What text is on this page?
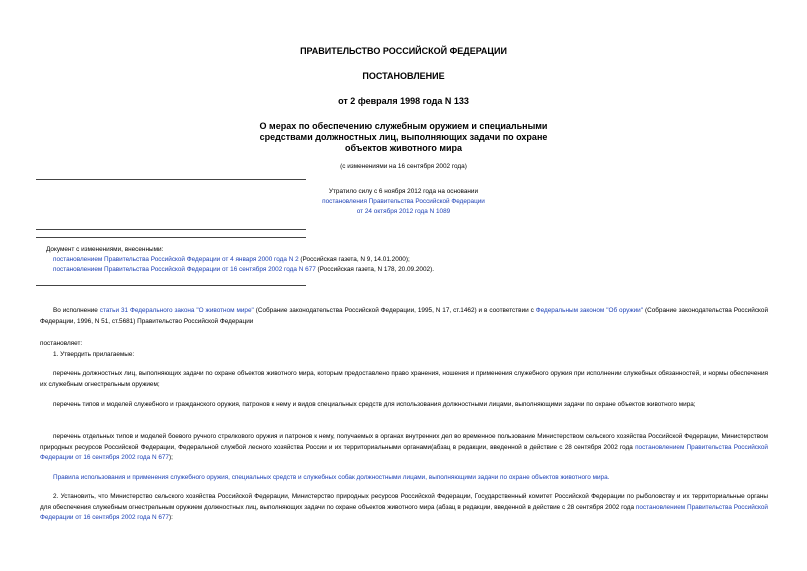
ПРАВИТЕЛЬСТВО РОССИЙСКОЙ ФЕДЕРАЦИИ
ПОСТАНОВЛЕНИЕ
от 2 февраля 1998 года N 133
О мерах по обеспечению служебным оружием и специальными
средствами должностных лиц, выполняющих задачи по охране
объектов животного мира
(с изменениями на 16 сентября 2002 года)
Утратило силу с 6 ноября 2012 года на основании
постановления Правительства Российской Федерации
от 24 октября 2012 года N 1089
Документ с изменениями, внесенными:
постановлением Правительства Российской Федерации от 4 января 2000 года N 2 (Российская газета, N 9, 14.01.2000);
постановлением Правительства Российской Федерации от 16 сентября 2002 года N 677 (Российская газета, N 178, 20.09.2002).
Во исполнение статьи 31 Федерального закона "О животном мире" (Собрание законодательства Российской Федерации, 1995, N 17, ст.1462) и в соответствии с Федеральным законом "Об оружии" (Собрание законодательства Российской Федерации, 1996, N 51, ст.5681) Правительство Российской Федерации
постановляет:
1. Утвердить прилагаемые:
перечень должностных лиц, выполняющих задачи по охране объектов животного мира, которым предоставлено право хранения, ношения и применения служебного оружия при исполнении служебных обязанностей, и нормы обеспечения их служебным огнестрельным оружием;
перечень типов и моделей служебного и гражданского оружия, патронов к нему и видов специальных средств для использования должностными лицами, выполняющими задачи по охране объектов животного мира;
перечень отдельных типов и моделей боевого ручного стрелкового оружия и патронов к нему, получаемых в органах внутренних дел во временное пользование Министерством сельского хозяйства Российской Федерации, Министерством природных ресурсов Российской Федерации, Федеральной службой лесного хозяйства России и их территориальными органами(абзац в редакции, введенной в действие с 28 сентября 2002 года постановлением Правительства Российской Федерации от 16 сентября 2002 года N 677);
Правила использования и применения служебного оружия, специальных средств и служебных собак должностными лицами, выполняющими задачи по охране объектов животного мира.
2. Установить, что Министерство сельского хозяйства Российской Федерации, Министерство природных ресурсов Российской Федерации, Государственный комитет Российской Федерации по рыболовству и их территориальные органы для обеспечения служебным огнестрельным оружием должностных лиц, выполняющих задачи по охране объектов животного мира (абзац в редакции, введенной в действие с 28 сентября 2002 года постановлением Правительства Российской Федерации от 16 сентября 2002 года N 677):
